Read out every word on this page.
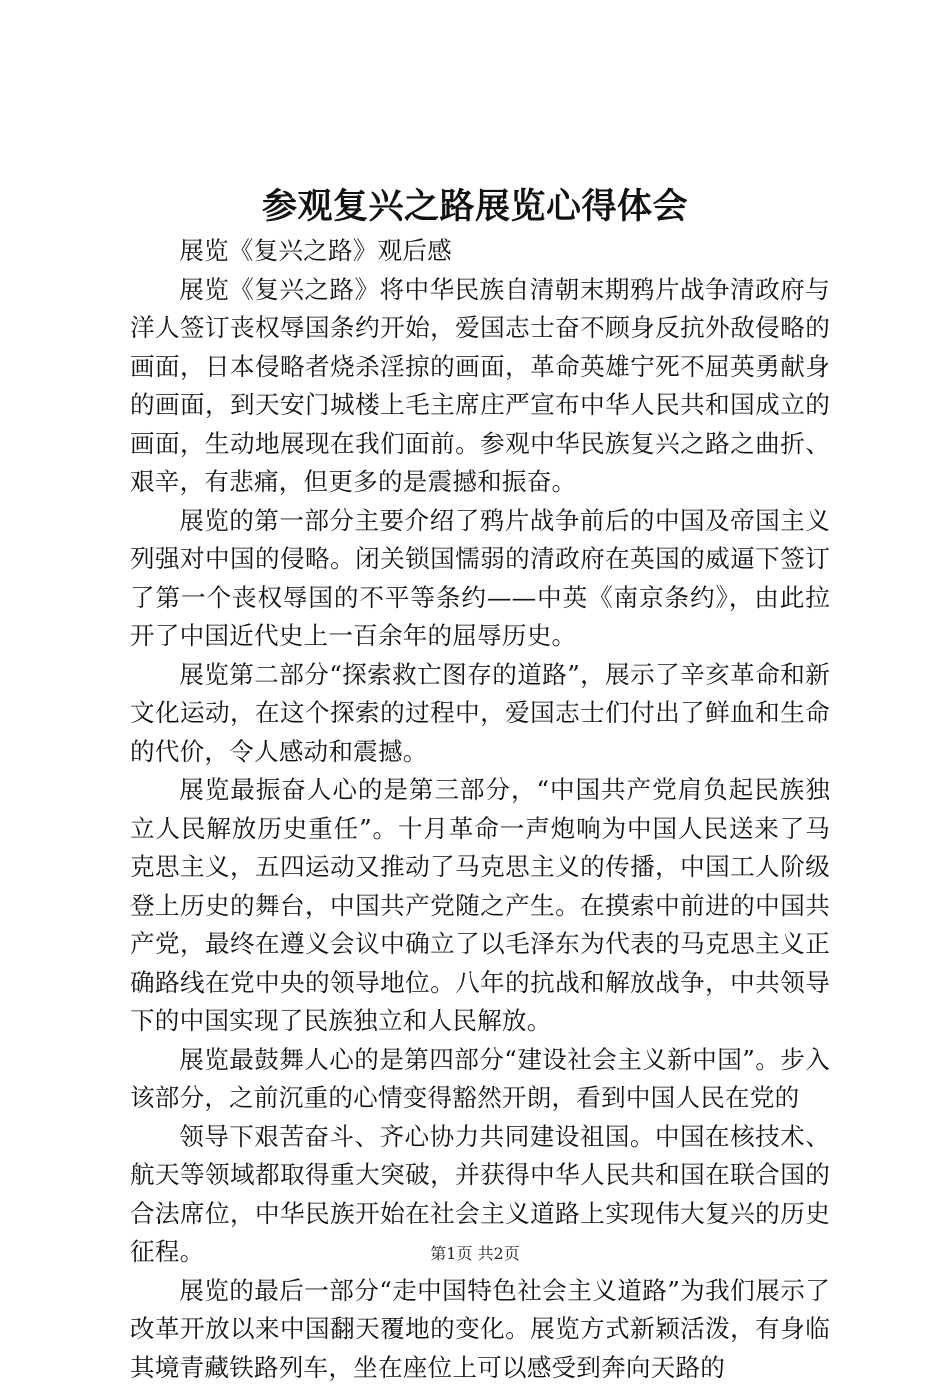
参观复兴之路展览心得体会

展览《复兴之路》观后感

展览《复兴之路》将中华民族自清朝末期鸦片战争清政府与洋人签订丧权辱国条约开始，爱国志士奋不顾身反抗外敌侵略的画面，日本侵略者烧杀淫掠的画面，革命英雄宁死不屈英勇献身的画面，到天安门城楼上毛主席庄严宣布中华人民共和国成立的画面，生动地展现在我们面前。参观中华民族复兴之路之曲折、艰辛，有悲痛，但更多的是震撼和振奋。

展览的第一部分主要介绍了鸦片战争前后的中国及帝国主义列强对中国的侵略。闭关锁国懦弱的清政府在英国的威逼下签订了第一个丧权辱国的不平等条约——中英《南京条约》，由此拉开了中国近代史上一百余年的屈辱历史。

展览第二部分“探索救亡图存的道路”，展示了辛亥革命和新文化运动，在这个探索的过程中，爱国志士们付出了鲜血和生命的代价，令人感动和震撼。

展览最振奋人心的是第三部分，“中国共产党肩负起民族独立人民解放历史重任”。十月革命一声炮响为中国人民送来了马克思主义，五四运动又推动了马克思主义的传播，中国工人阶级登上历史的舞台，中国共产党随之产生。在摸索中前进的中国共产党，最终在遵义会议中确立了以毛泽东为代表的马克思主义正确路线在党中央的领导地位。八年的抗战和解放战争，中共领导下的中国实现了民族独立和人民解放。

展览最鼓舞人心的是第四部分“建设社会主义新中国”。步入该部分，之前沉重的心情变得豁然开朗，看到中国人民在党的

领导下艰苦奋斗、齐心协力共同建设祖国。中国在核技术、航天等领域都取得重大突破，并获得中华人民共和国在联合国的合法席位，中华民族开始在社会主义道路上实现伟大复兴的历史征程。

展览的最后一部分“走中国特色社会主义道路”为我们展示了改革开放以来中国翻天覆地的变化。展览方式新颖活泼，有身临其境青藏铁路列车，坐在座位上可以感受到奔向天路的

第1页 共2页
